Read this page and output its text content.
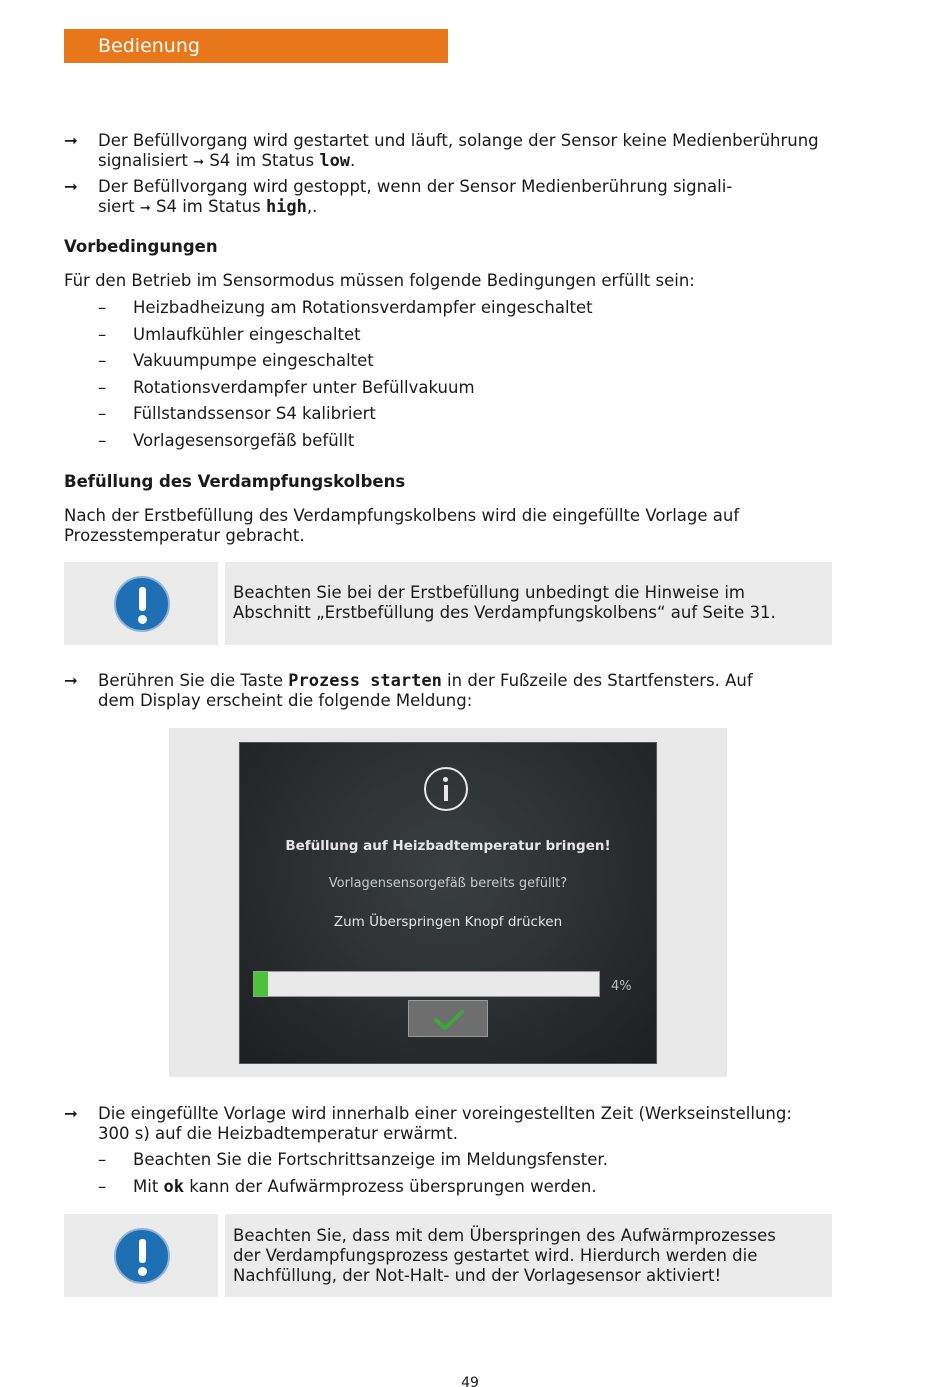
Bedienung
➞	Der Befüllvorgang wird gestartet und läuft, solange der Sensor keine Medienberührung signalisiert ➞ S4 im Status low.
➞	Der Befüllvorgang wird gestoppt, wenn der Sensor Medienberührung signali-
siert ➞ S4 im Status high,.
Vorbedingungen
Für den Betrieb im Sensormodus müssen folgende Bedingungen erfüllt sein:
– Heizbadheizung am Rotationsverdampfer eingeschaltet
– Umlaufkühler eingeschaltet
– Vakuumpumpe eingeschaltet
– Rotationsverdampfer unter Befüllvakuum
– Füllstandssensor S4 kalibriert
– Vorlagesensorgefäß befüllt
Befüllung des Verdampfungskolbens
Nach der Erstbefüllung des Verdampfungskolbens wird die eingefüllte Vorlage auf
Prozesstemperatur gebracht.
Beachten Sie bei der Erstbefüllung unbedingt die Hinweise im
Abschnitt „Erstbefüllung des Verdampfungskolbens“ auf Seite 31.
➞	Berühren Sie die Taste Prozess starten in der Fußzeile des Startfensters. Auf
dem Display erscheint die folgende Meldung:
Befüllung auf Heizbadtemperatur bringen!
Vorlagensensorgefäß bereits gefüllt?
Zum Überspringen Knopf drücken
4%
➞	Die eingefüllte Vorlage wird innerhalb einer voreingestellten Zeit (Werkseinstellung:
300 s) auf die Heizbadtemperatur erwärmt.
– Beachten Sie die Fortschrittsanzeige im Meldungsfenster.
– Mit ok kann der Aufwärmprozess übersprungen werden.
Beachten Sie, dass mit dem Überspringen des Aufwärmprozesses
der Verdampfungsprozess gestartet wird. Hierdurch werden die
Nachfüllung, der Not-Halt- und der Vorlagesensor aktiviert!
49
